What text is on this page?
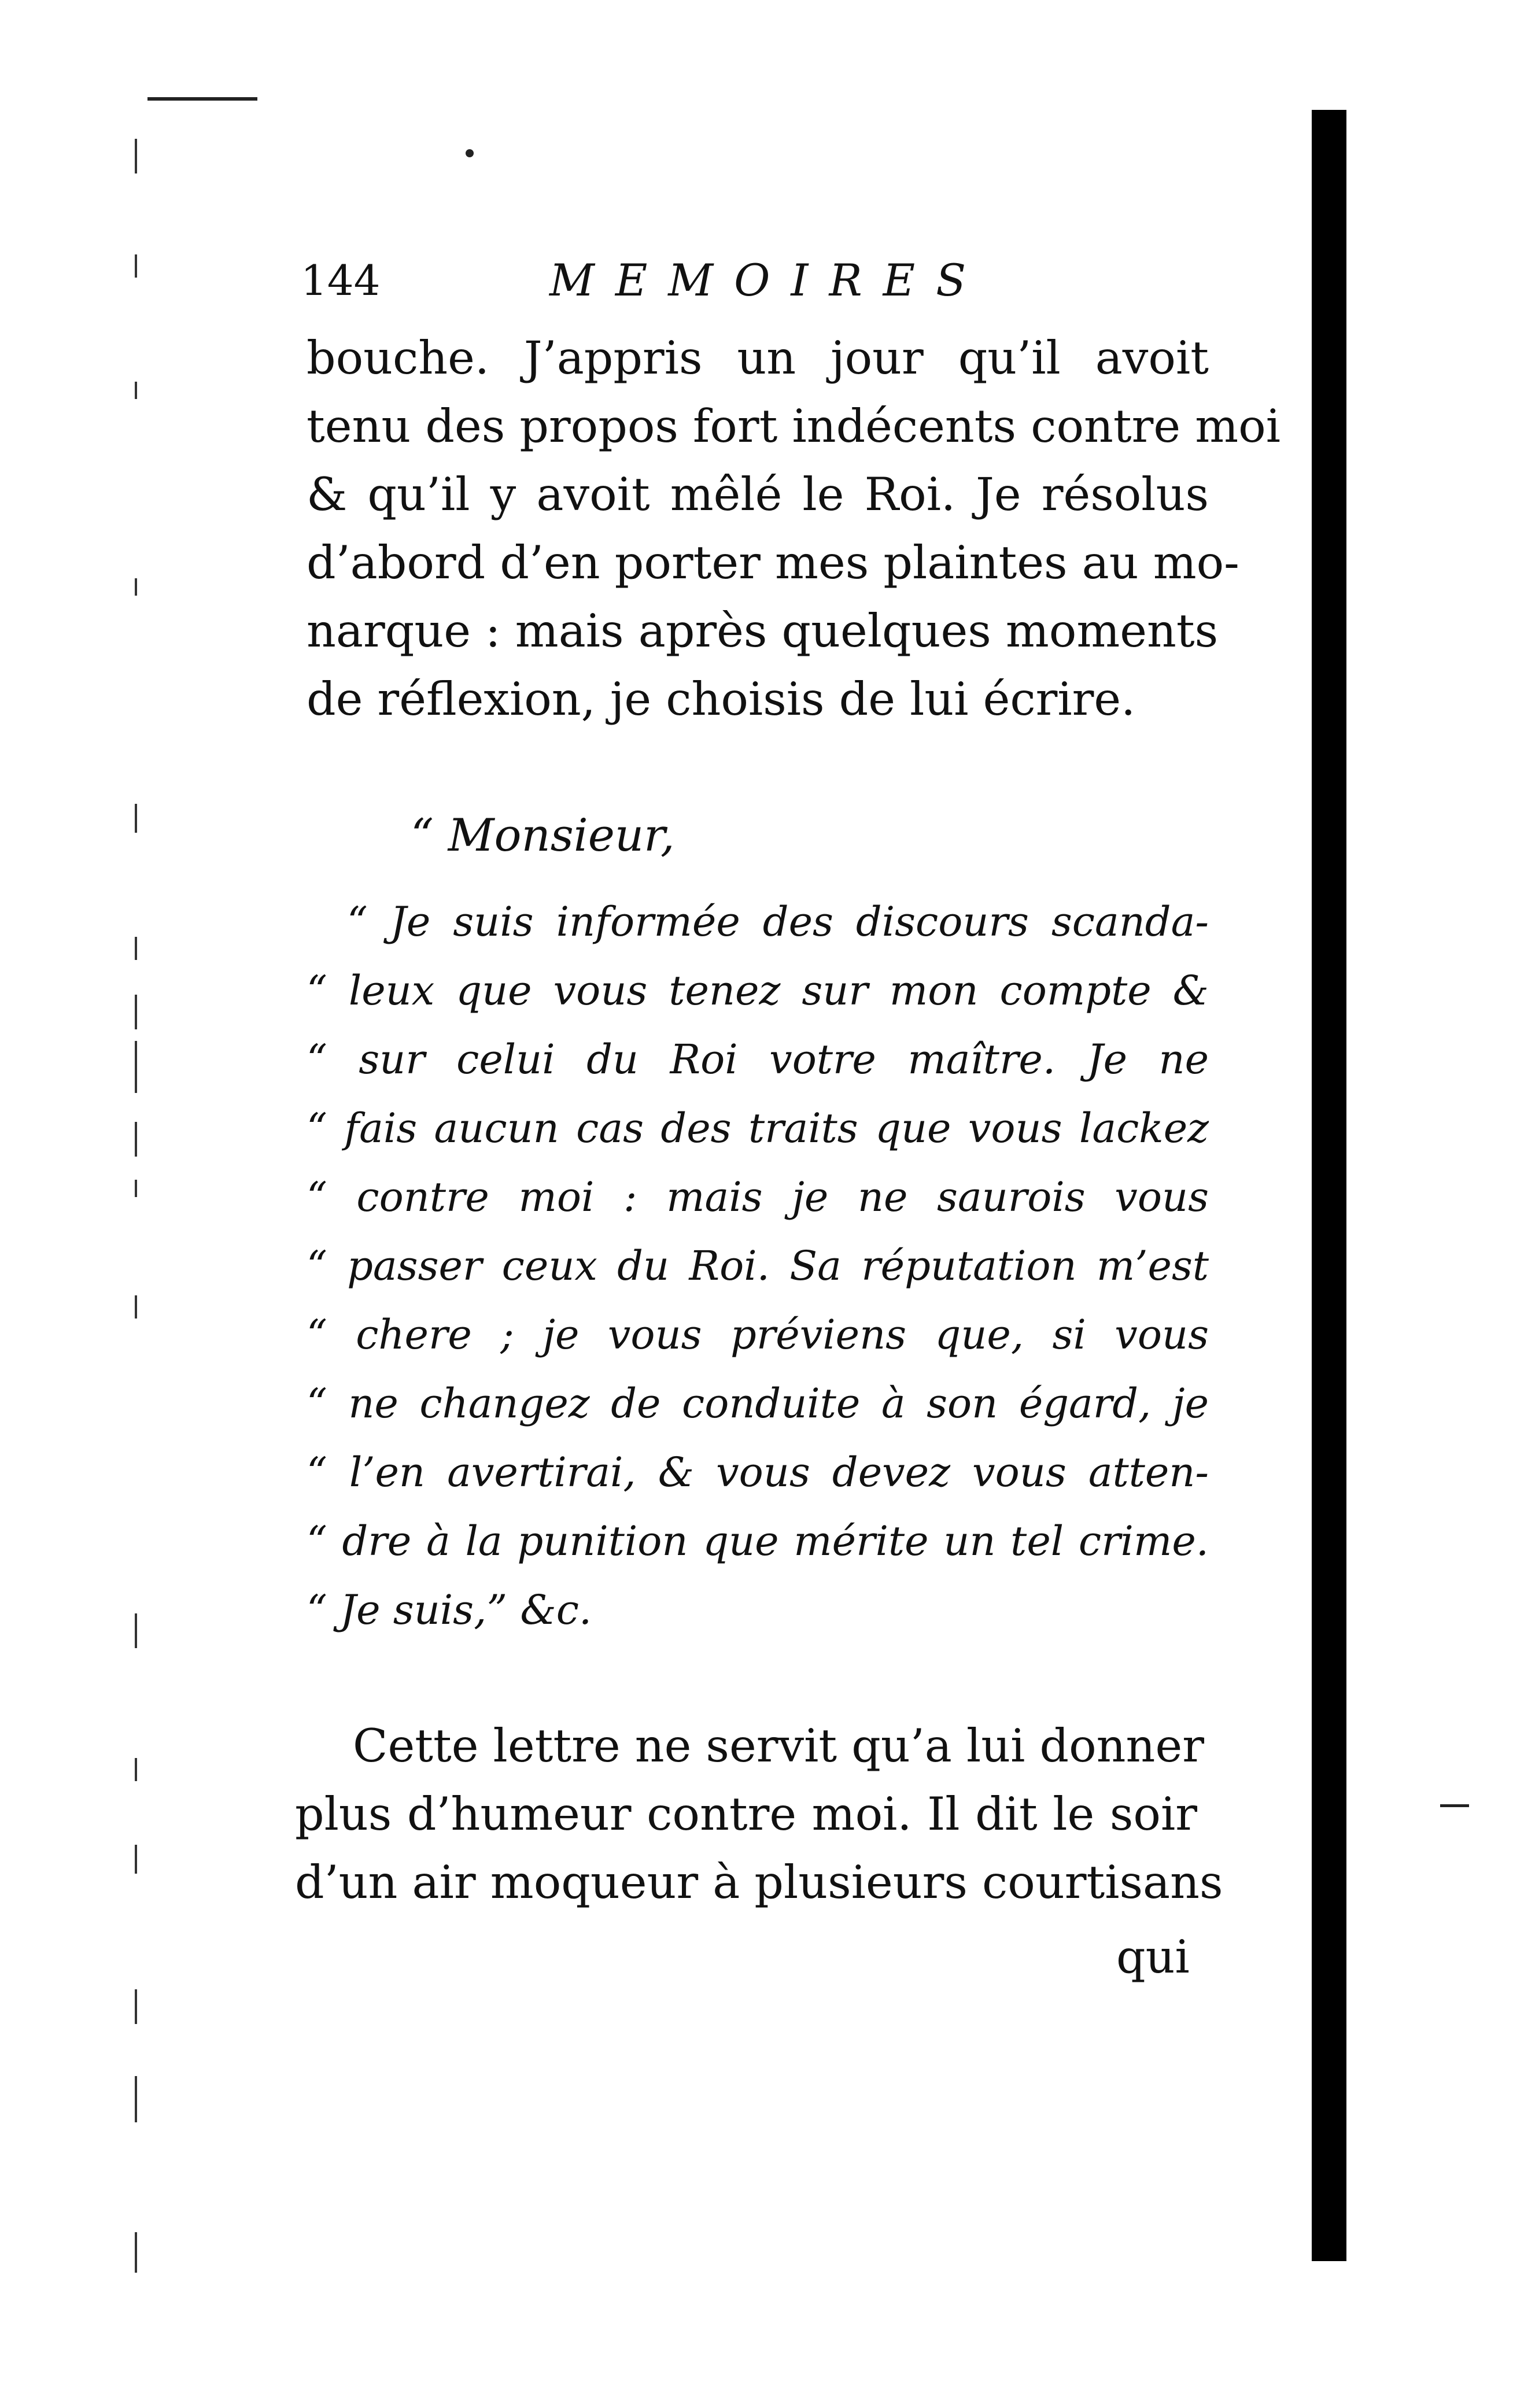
144	MEMOIRES
bouche. J’appris un jour qu’il avoit
tenu des propos fort indécents contre moi
& qu’il y avoit mêlé le Roi. Je résolus
d’abord d’en porter mes plaintes au mo-
narque : mais après quelques moments
de réflexion, je choisis de lui écrire.
“ Monsieur,
“ Je suis informée des discours scanda-
“ leux que vous tenez sur mon compte &
“ sur celui du Roi votre maître. Je ne
“ fais aucun cas des traits que vous lackez
“ contre moi : mais je ne saurois vous
“ passer ceux du Roi. Sa réputation m’est
“ chere ; je vous préviens que, si vous
“ ne changez de conduite à son égard, je
“ l’en avertirai, & vous devez vous atten-
“ dre à la punition que mérite un tel crime.
“ Je suis,” &c.
Cette lettre ne servit qu’a lui donner
plus d’humeur contre moi. Il dit le soir
d’un air moqueur à plusieurs courtisans
qui
